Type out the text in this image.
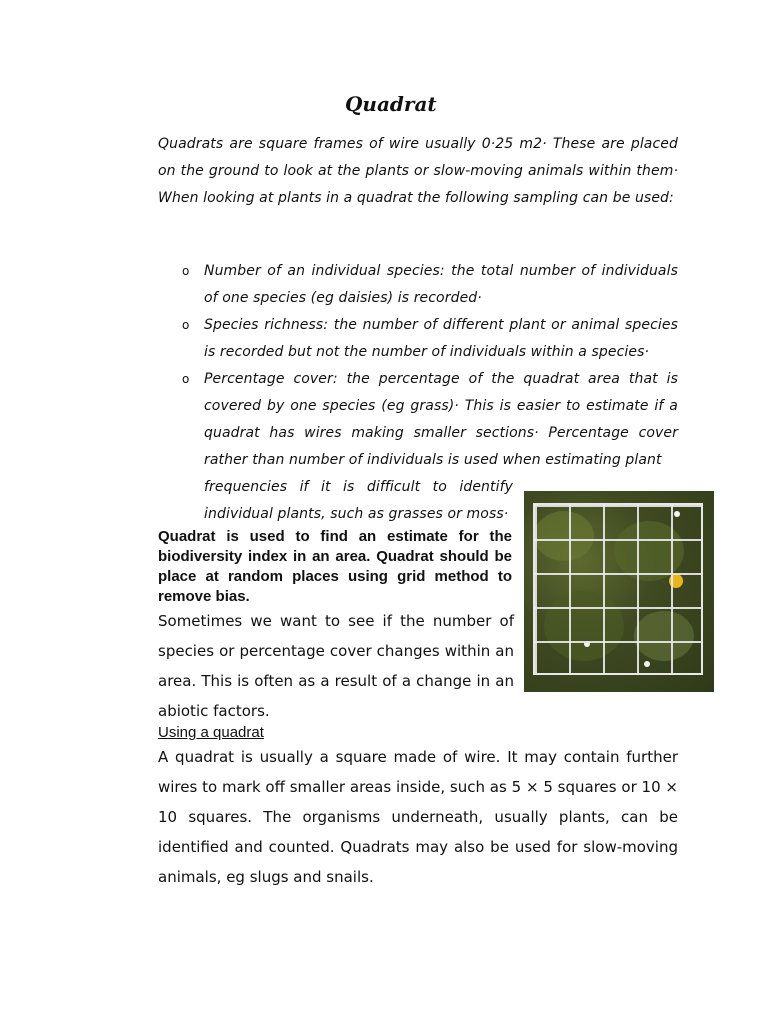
Quadrat

Quadrats are square frames of wire usually 0·25 m2· These are placed on the ground to look at the plants or slow-moving animals within them· When looking at plants in a quadrat the following sampling can be used:

o Number of an individual species: the total number of individuals of one species (eg daisies) is recorded·
o Species richness: the number of different plant or animal species is recorded but not the number of individuals within a species·
o Percentage cover: the percentage of the quadrat area that is covered by one species (eg grass)· This is easier to estimate if a quadrat has wires making smaller sections· Percentage cover rather than number of individuals is used when estimating plant
frequencies if it is difficult to identify individual plants, such as grasses or moss·

Quadrat is used to find an estimate for the biodiversity index in an area. Quadrat should be place at random places using grid method to remove bias.

Sometimes we want to see if the number of species or percentage cover changes within an area. This is often as a result of a change in an abiotic factors.

Using a quadrat

A quadrat is usually a square made of wire. It may contain further wires to mark off smaller areas inside, such as 5 × 5 squares or 10 × 10 squares. The organisms underneath, usually plants, can be identified and counted. Quadrats may also be used for slow-moving animals, eg slugs and snails.
